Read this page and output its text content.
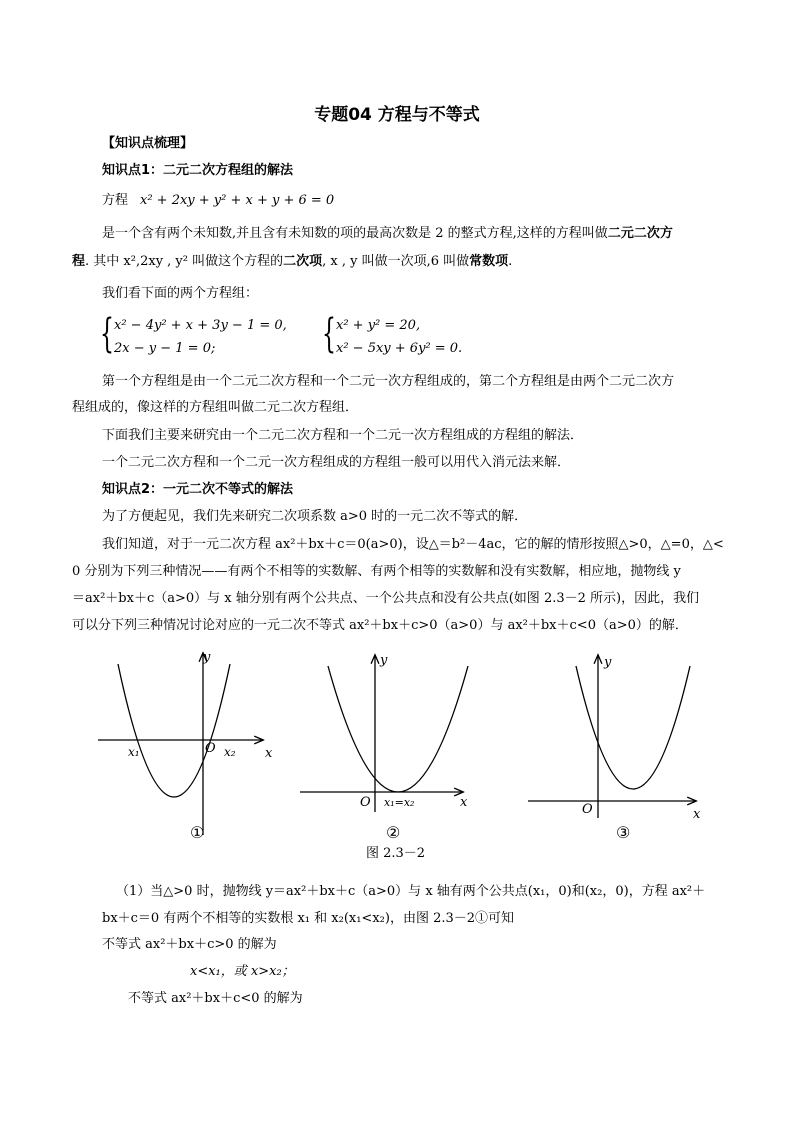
专题04 方程与不等式
【知识点梳理】
知识点1：二元二次方程组的解法
方程 x² + 2xy + y² + x + y + 6 = 0
是一个含有两个未知数,并且含有未知数的项的最高次数是 2 的整式方程,这样的方程叫做二元二次方
程. 其中 x²,2xy , y² 叫做这个方程的二次项, x , y 叫做一次项,6 叫做常数项.
我们看下面的两个方程组：
{ x² − 4y² + x + 3y − 1 = 0,
2x − y − 1 = 0;	{ x² + y² = 20,
x² − 5xy + 6y² = 0.
第一个方程组是由一个二元二次方程和一个二元一次方程组成的，第二个方程组是由两个二元二次方
程组成的，像这样的方程组叫做二元二次方程组．
下面我们主要来研究由一个二元二次方程和一个二元一次方程组成的方程组的解法．
一个二元二次方程和一个二元一次方程组成的方程组一般可以用代入消元法来解．
知识点2：一元二次不等式的解法
为了方便起见，我们先来研究二次项系数 a>0 时的一元二次不等式的解．
我们知道，对于一元二次方程 ax²＋bx＋c＝0(a>0)，设△＝b²－4ac，它的解的情形按照△>0，△=0，△<
0 分别为下列三种情况——有两个不相等的实数解、有两个相等的实数解和没有实数解，相应地，抛物线 y
＝ax²＋bx＋c（a>0）与 x 轴分别有两个公共点、一个公共点和没有公共点(如图 2.3－2 所示)，因此，我们
可以分下列三种情况讨论对应的一元二次不等式 ax²＋bx＋c>0（a>0）与 ax²＋bx＋c<0（a>0）的解．
y
x
O
x₁	x₂
①
y
x
O x₁=x₂
②
y
x
O
③
图 2.3－2
（1）当△>0 时，抛物线 y＝ax²＋bx＋c（a>0）与 x 轴有两个公共点(x₁，0)和(x₂，0)，方程 ax²＋
bx＋c＝0 有两个不相等的实数根 x₁ 和 x₂(x₁<x₂)，由图 2.3－2①可知
不等式 ax²＋bx＋c>0 的解为
x<x₁，或 x>x₂；
不等式 ax²＋bx＋c<0 的解为
